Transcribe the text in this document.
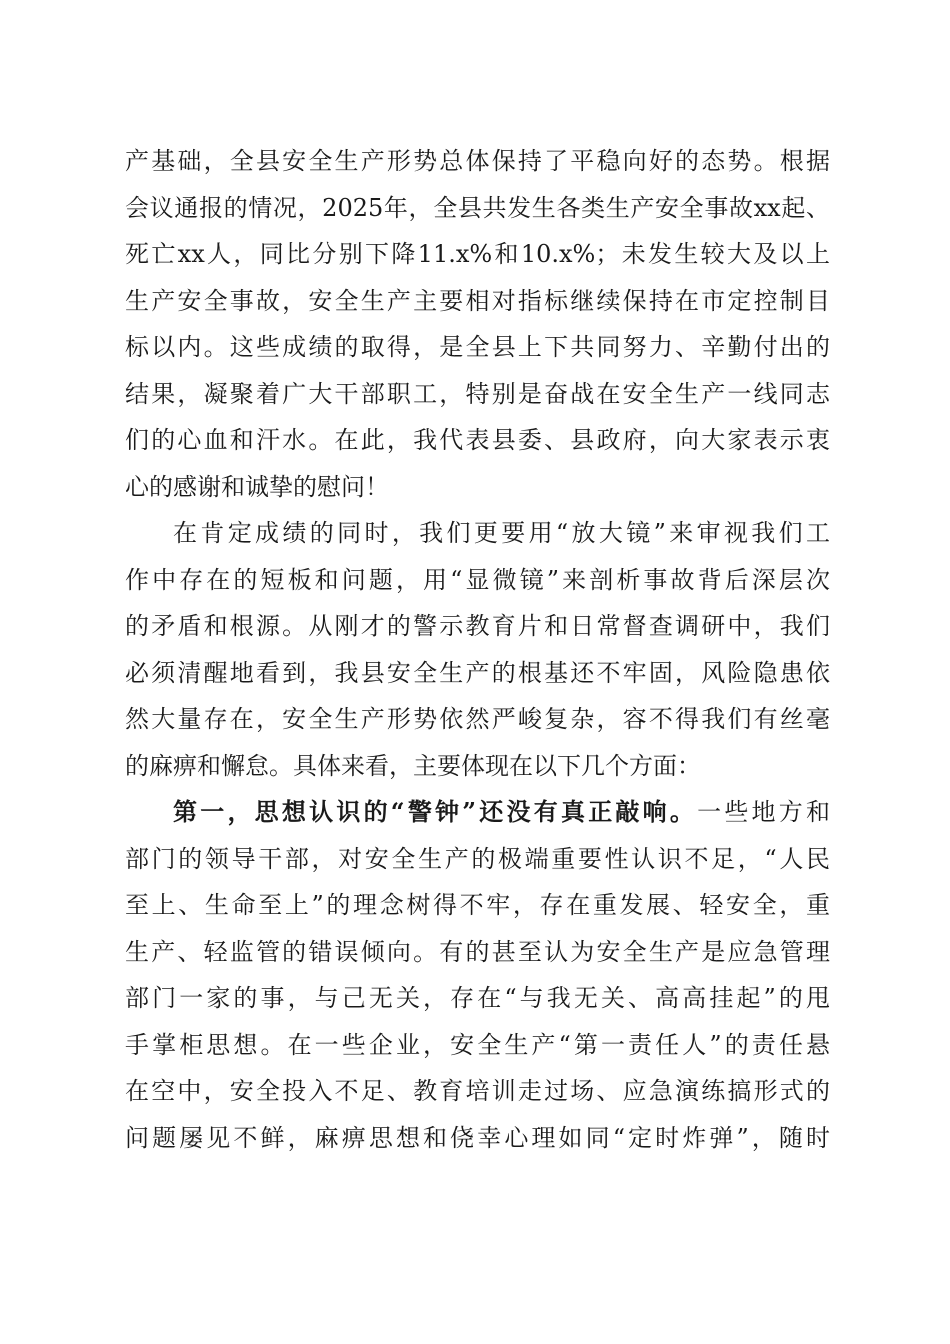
产基础，全县安全生产形势总体保持了平稳向好的态势。根据
会议通报的情况，2025年，全县共发生各类生产安全事故xx起、
死亡xx人，同比分别下降11.x%和10.x%；未发生较大及以上
生产安全事故，安全生产主要相对指标继续保持在市定控制目
标以内。这些成绩的取得，是全县上下共同努力、辛勤付出的
结果，凝聚着广大干部职工，特别是奋战在安全生产一线同志
们的心血和汗水。在此，我代表县委、县政府，向大家表示衷
心的感谢和诚挚的慰问！
在肯定成绩的同时，我们更要用“放大镜”来审视我们工
作中存在的短板和问题，用“显微镜”来剖析事故背后深层次
的矛盾和根源。从刚才的警示教育片和日常督查调研中，我们
必须清醒地看到，我县安全生产的根基还不牢固，风险隐患依
然大量存在，安全生产形势依然严峻复杂，容不得我们有丝毫
的麻痹和懈怠。具体来看，主要体现在以下几个方面：
第一，思想认识的“警钟”还没有真正敲响。一些地方和
部门的领导干部，对安全生产的极端重要性认识不足，“人民
至上、生命至上”的理念树得不牢，存在重发展、轻安全，重
生产、轻监管的错误倾向。有的甚至认为安全生产是应急管理
部门一家的事，与己无关，存在“与我无关、高高挂起”的甩
手掌柜思想。在一些企业，安全生产“第一责任人”的责任悬
在空中，安全投入不足、教育培训走过场、应急演练搞形式的
问题屡见不鲜，麻痹思想和侥幸心理如同“定时炸弹”，随时
